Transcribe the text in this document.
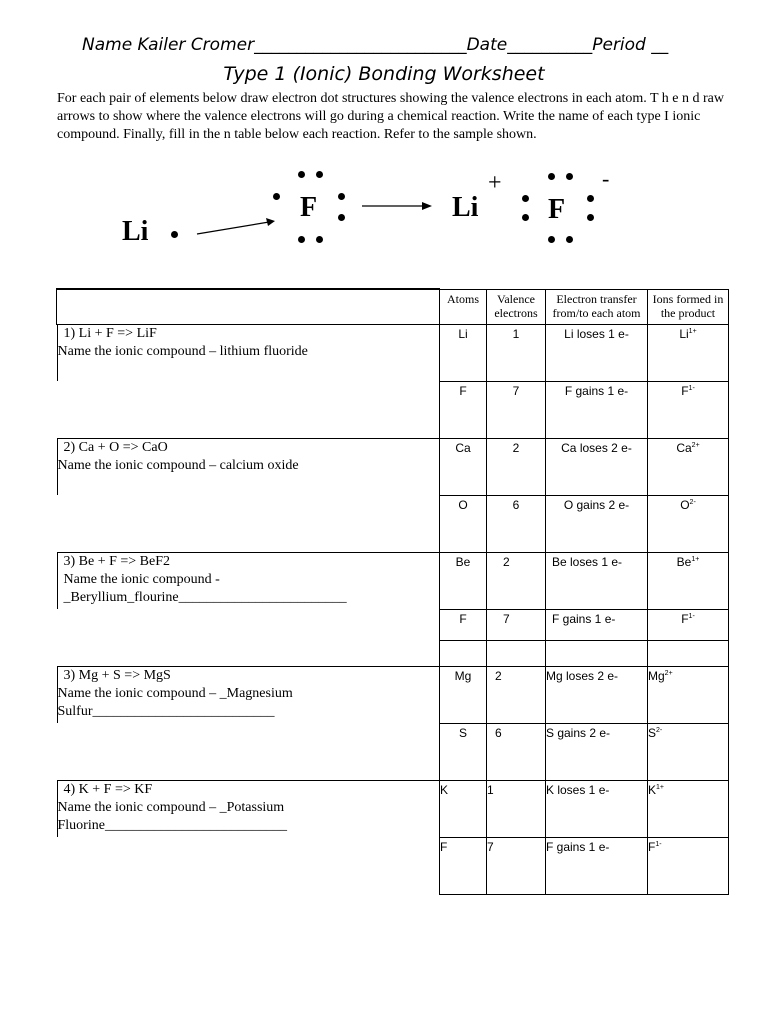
Name Kailer Cromer_________________________Date__________Period __
Type 1 (Ionic) Bonding Worksheet
For each pair of elements below draw electron dot structures showing the valence electrons in each atom. T h e n d raw arrows to show where the valence electrons will go during a chemical reaction. Write the name of each type I ionic compound. Finally, fill in the n table below each reaction. Refer to the sample shown.
Li
F	Li
+
F
-
	Atoms	Valence electrons	Electron transfer from/to each atom	Ions formed in the product

1) Li + F => LiF
Name the ionic compound – lithium fluoride	Li	1	Li loses 1 e-	$Li^{1+}$
	F	7	F gains 1 e-	$F^{1-}$

2) Ca + O => CaO
Name the ionic compound – calcium oxide	Ca	2	Ca loses 2 e-	$Ca^{2+}$
	O	6	O gains 2 e-	$O^{2-}$

3) Be + F => BeF2
Name the ionic compound -
_Beryllium_flourine________________________	Be	2	Be loses 1 e-	$Be^{1+}$

	F	7	F gains 1 e-	$F^{1-}$

3) Mg + S => MgS
Name the ionic compound – _Magnesium
Sulfur__________________________	Mg	2	Mg loses 2 e-	$Mg^{2+}$
	S	6	S gains 2 e-	$S^{2-}$

4) K + F => KF
Name the ionic compound – _Potassium
Fluorine__________________________	K	1	K loses 1 e-	$K^{1+}$
	F	7	F gains 1 e-	$F^{1-}$
